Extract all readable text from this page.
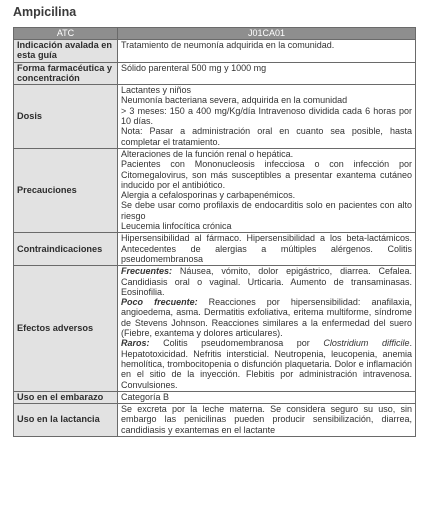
Ampicilina
ATC	J01CA01
Indicación avalada en esta guía	Tratamiento de neumonía adquirida en la comunidad.
Forma farmacéutica y concentración	Sólido parenteral 500 mg y 1000 mg
Dosis	Lactantes y niños
Neumonía bacteriana severa, adquirida en la comunidad
> 3 meses: 150 a 400 mg/Kg/día Intravenoso dividida cada 6 horas por 10 días.
Nota: Pasar a administración oral en cuanto sea posible, hasta completar el tratamiento.

Precauciones	Alteraciones de la función renal o hepática.
Pacientes con Mononucleosis infecciosa o con infección por Citomegalovirus, son más susceptibles a presentar exantema cutáneo inducido por el antibiótico.
Alergia a cefalosporinas y carbapenémicos.
Se debe usar como profilaxis de endocarditis solo en pacientes con alto riesgo
Leucemia linfocítica crónica

Contraindicaciones	Hipersensibilidad al fármaco. Hipersensibilidad a los beta-lactámicos. Antecedentes de alergias a múltiples alérgenos. Colitis pseudomembranosa
Efectos adversos	Frecuentes: Náusea, vómito, dolor epigástrico, diarrea. Cefalea. Candidiasis oral o vaginal. Urticaria. Aumento de transaminasas. Eosinofilia.
Poco frecuente: Reacciones por hipersensibilidad: anafilaxia, angioedema, asma. Dermatitis exfoliativa, eritema multiforme, síndrome de Stevens Johnson. Reacciones similares a la enfermedad del suero (Fiebre, exantema y dolores articulares).
Raros: Colitis pseudomembranosa por Clostridium difficile. Hepatotoxicidad. Nefritis intersticial. Neutropenia, leucopenia, anemia hemolítica, trombocitopenia o disfunción plaquetaria. Dolor e inflamación en el sitio de la inyección. Flebitis por administración intravenosa. Convulsiones.

Uso en el embarazo	Categoría B
Uso en la lactancia	Se excreta por la leche materna. Se considera seguro su uso, sin embargo las penicilinas pueden producir sensibilización, diarrea, candidiasis y exantemas en el lactante
